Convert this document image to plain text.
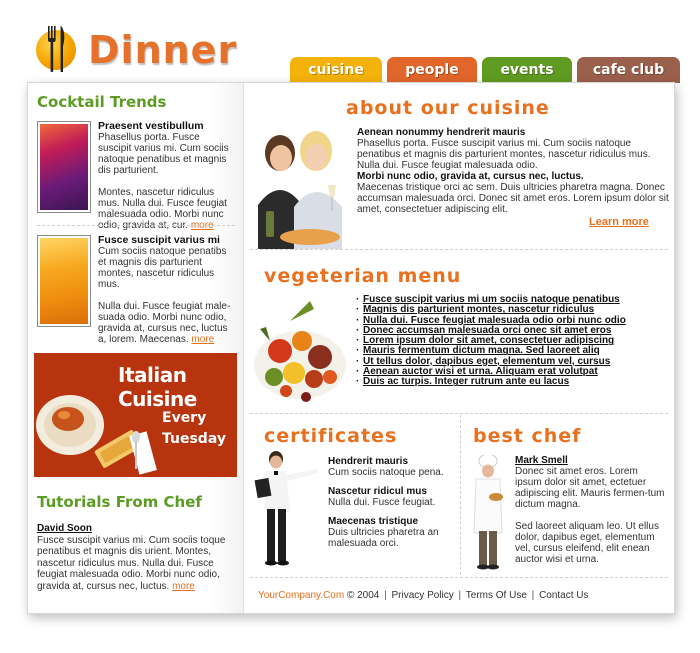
Dinner	cuisine	people	events	cafe club
Cocktail Trends
Praesent vestibullum
Phasellus porta. Fusce suscipit varius mi. Cum sociis natoque penatibus et magnis dis parturient.

Montes, nascetur ridiculus mus. Nulla dui. Fusce feugiat malesuada odio. Morbi nunc odio, gravida at, cur. more
Fusce suscipit varius mi
Cum sociis natoque penatibs et magnis dis parturient montes, nascetur ridiculus mus.

Nulla dui. Fusce feugiat male-suada odio. Morbi nunc odio, gravida at, cursus nec, luctus a, lorem. Maecenas. more
Italian Cuisine
Every
Tuesday
Tutorials From Chef
David Soon
Fusce suscipit varius mi. Cum sociis toque penatibus et magnis dis urient. Montes, nascetur ridiculus mus. Nulla dui. Fusce feugiat malesuada odio. Morbi nunc odio, gravida at, cursus nec, luctus. more
about our cuisine
Aenean nonummy hendrerit mauris
Phasellus porta. Fusce suscipit varius mi. Cum sociis natoque penatibus et magnis dis parturient montes, nascetur ridiculus mus. Nulla dui. Fusce feugiat malesuada odio.
Morbi nunc odio, gravida at, cursus nec, luctus.
Maecenas tristique orci ac sem. Duis ultricies pharetra magna. Donec accumsan malesuada orci. Donec sit amet eros. Lorem ipsum dolor sit amet, consectetuer adipiscing elit.
Learn more
vegeterian menu
· Fusce suscipit varius mi um sociis natoque penatibus
· Magnis dis parturient montes, nascetur ridiculus
· Nulla dui. Fusce feugiat malesuada odio orbi nunc odio
· Donec accumsan malesuada orci onec sit amet eros
· Lorem ipsum dolor sit amet, consectetuer adipiscing
· Mauris fermentum dictum magna. Sed laoreet aliq
· Ut tellus dolor, dapibus eget, elementum vel, cursus
· Aenean auctor wisi et urna. Aliquam erat volutpat
· Duis ac turpis. Integer rutrum ante eu lacus
certificates

Hendrerit mauris
Cum sociis natoque pena.

Nascetur ridicul mus
Nulla dui. Fusce feugiat.

Maecenas tristique
Duis ultricies pharetra an malesuada orci.

best chef
Mark Smell
Donec sit amet eros. Lorem ipsum dolor sit amet, ectetuer adipiscing elit. Mauris fermen-tum dictum magna.

Sed laoreet aliquam leo. Ut ellus dolor, dapibus eget, elementum vel, cursus eleifend, elit enean auctor wisi et urna.
YourCompany.Com © 2004 | Privacy Policy | Terms Of Use | Contact Us
